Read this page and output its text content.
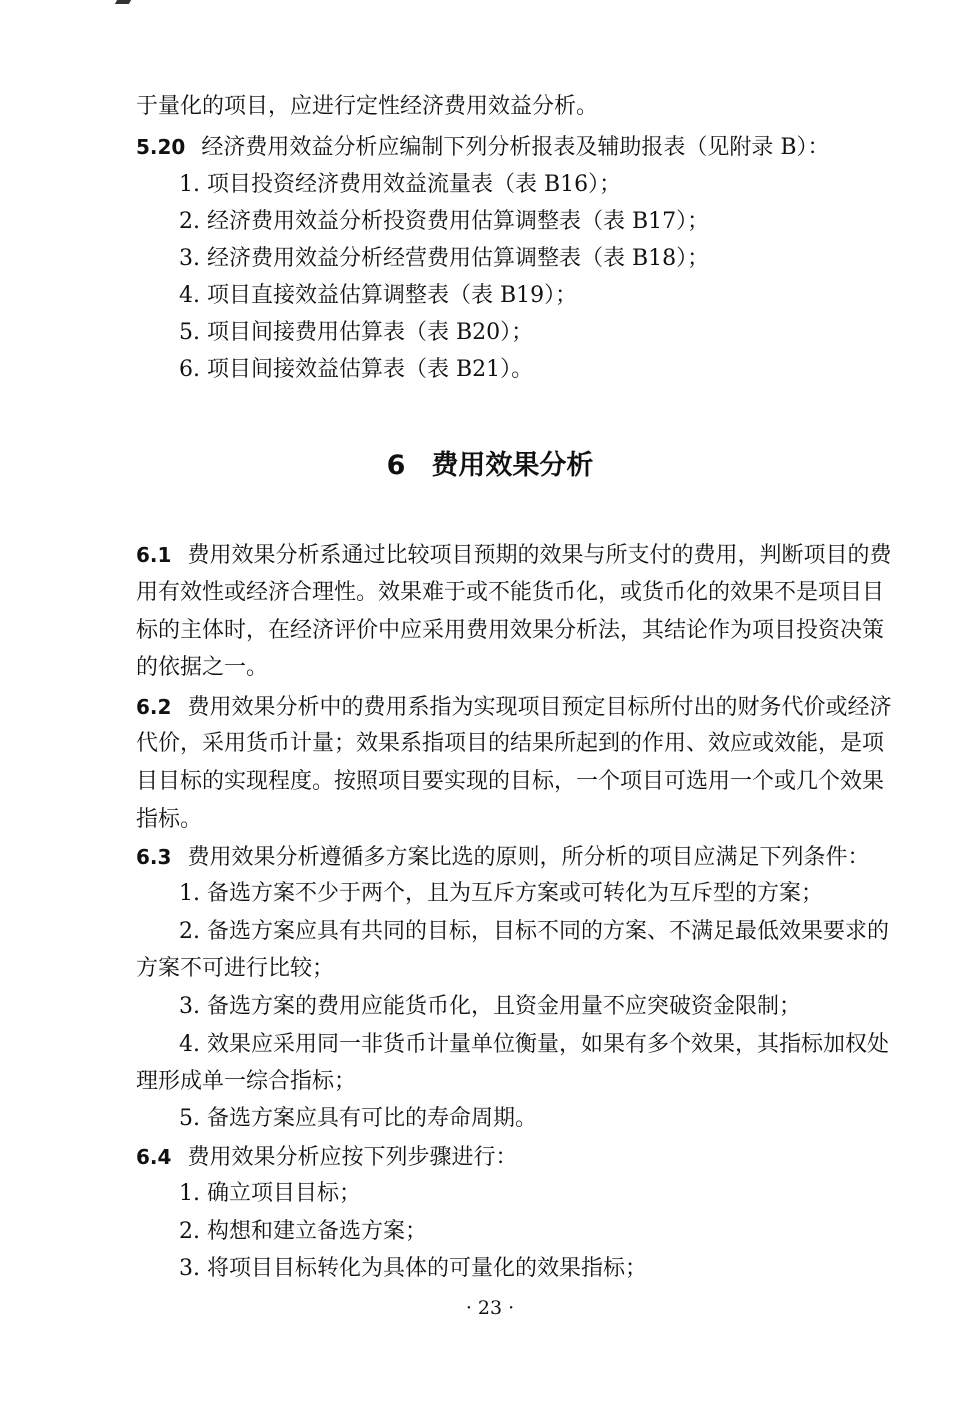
于量化的项目，应进行定性经济费用效益分析。
5.20 经济费用效益分析应编制下列分析报表及辅助报表（见附录 B）：
1. 项目投资经济费用效益流量表（表 B16）；
2. 经济费用效益分析投资费用估算调整表（表 B17）；
3. 经济费用效益分析经营费用估算调整表（表 B18）；
4. 项目直接效益估算调整表（表 B19）；
5. 项目间接费用估算表（表 B20）；
6. 项目间接效益估算表（表 B21）。
6 费用效果分析
6.1 费用效果分析系通过比较项目预期的效果与所支付的费用，判断项目的费
用有效性或经济合理性。效果难于或不能货币化，或货币化的效果不是项目目
标的主体时，在经济评价中应采用费用效果分析法，其结论作为项目投资决策
的依据之一。
6.2 费用效果分析中的费用系指为实现项目预定目标所付出的财务代价或经济
代价，采用货币计量；效果系指项目的结果所起到的作用、效应或效能，是项
目目标的实现程度。按照项目要实现的目标，一个项目可选用一个或几个效果
指标。
6.3 费用效果分析遵循多方案比选的原则，所分析的项目应满足下列条件：
1. 备选方案不少于两个，且为互斥方案或可转化为互斥型的方案；
2. 备选方案应具有共同的目标，目标不同的方案、不满足最低效果要求的
方案不可进行比较；
3. 备选方案的费用应能货币化，且资金用量不应突破资金限制；
4. 效果应采用同一非货币计量单位衡量，如果有多个效果，其指标加权处
理形成单一综合指标；
5. 备选方案应具有可比的寿命周期。
6.4 费用效果分析应按下列步骤进行：
1. 确立项目目标；
2. 构想和建立备选方案；
3. 将项目目标转化为具体的可量化的效果指标；
· 23 ·
